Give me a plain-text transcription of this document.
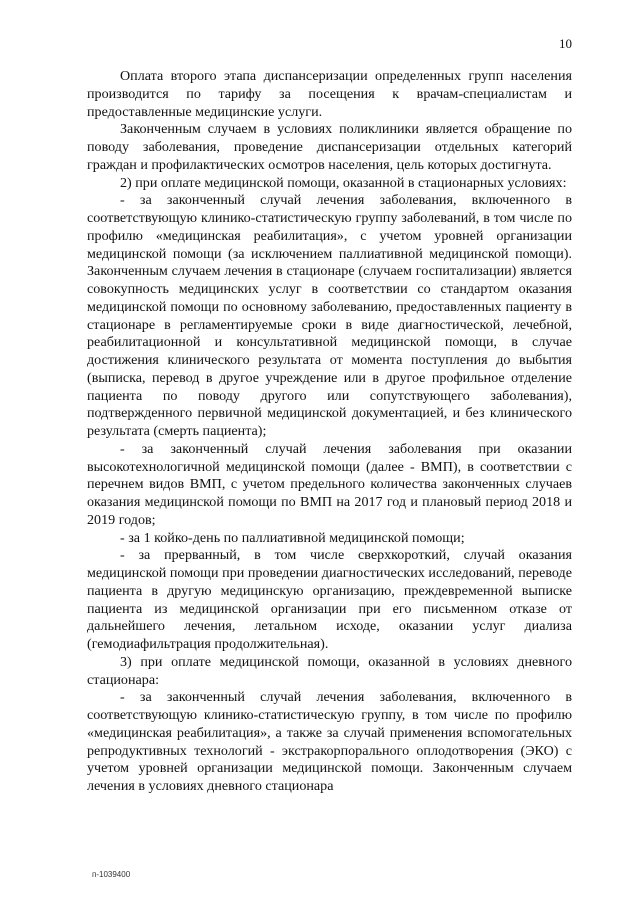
10

Оплата второго этапа диспансеризации определенных групп населения производится по тарифу за посещения к врачам-специалистам и предоставленные медицинские услуги.

Законченным случаем в условиях поликлиники является обращение по поводу заболевания, проведение диспансеризации отдельных категорий граждан и профилактических осмотров населения, цель которых достигнута.

2) при оплате медицинской помощи, оказанной в стационарных условиях:

- за законченный случай лечения заболевания, включенного в соответствующую клинико-статистическую группу заболеваний, в том числе по профилю «медицинская реабилитация», с учетом уровней организации медицинской помощи (за исключением паллиативной медицинской помощи). Законченным случаем лечения в стационаре (случаем госпитализации) является совокупность медицинских услуг в соответствии со стандартом оказания медицинской помощи по основному заболеванию, предоставленных пациенту в стационаре в регламентируемые сроки в виде диагностической, лечебной, реабилитационной и консультативной медицинской помощи, в случае достижения клинического результата от момента поступления до выбытия (выписка, перевод в другое учреждение или в другое профильное отделение пациента по поводу другого или сопутствующего заболевания), подтвержденного первичной медицинской документацией, и без клинического результата (смерть пациента);

- за законченный случай лечения заболевания при оказании высокотехнологичной медицинской помощи (далее - ВМП), в соответствии с перечнем видов ВМП, с учетом предельного количества законченных случаев оказания медицинской помощи по ВМП на 2017 год и плановый период 2018 и 2019 годов;

- за 1 койко-день по паллиативной медицинской помощи;

- за прерванный, в том числе сверхкороткий, случай оказания медицинской помощи при проведении диагностических исследований, переводе пациента в другую медицинскую организацию, преждевременной выписке пациента из медицинской организации при его письменном отказе от дальнейшего лечения, летальном исходе, оказании услуг диализа (гемодиафильтрация продолжительная).

3) при оплате медицинской помощи, оказанной в условиях дневного стационара:

- за законченный случай лечения заболевания, включенного в соответствующую клинико-статистическую группу, в том числе по профилю «медицинская реабилитация», а также за случай применения вспомогательных репродуктивных технологий - экстракорпорального оплодотворения (ЭКО) с учетом уровней организации медицинской помощи. Законченным случаем лечения в условиях дневного стационара

п-1039400
